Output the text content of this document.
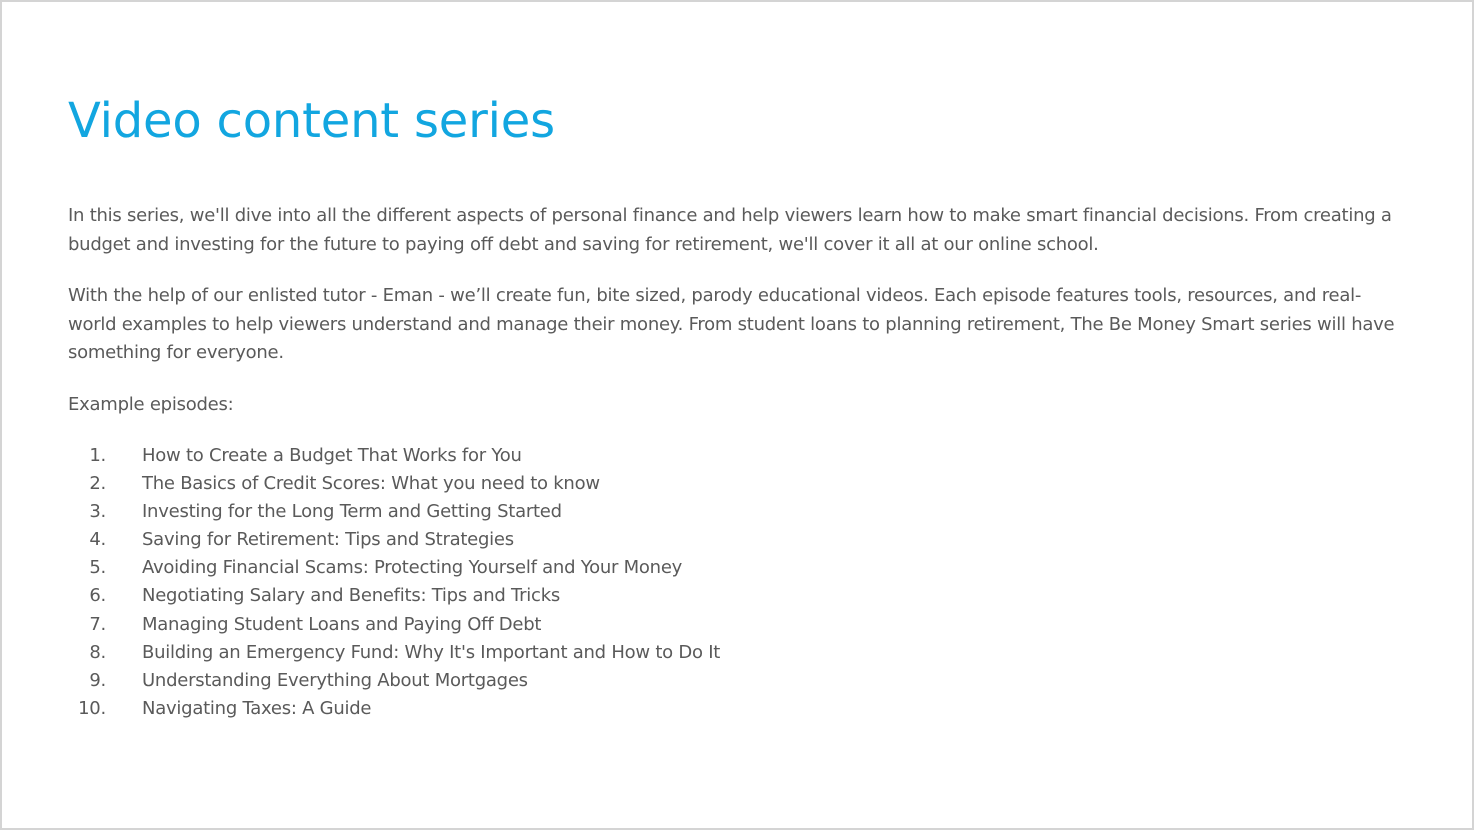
Video content series

In this series, we'll dive into all the different aspects of personal finance and help viewers learn how to make smart financial decisions. From creating a budget and investing for the future to paying off debt and saving for retirement, we'll cover it all at our online school.

With the help of our enlisted tutor - Eman - we’ll create fun, bite sized, parody educational videos. Each episode features tools, resources, and real-world examples to help viewers understand and manage their money. From student loans to planning retirement, The Be Money Smart series will have something for everyone.

Example episodes:

1. How to Create a Budget That Works for You
2. The Basics of Credit Scores: What you need to know
3. Investing for the Long Term and Getting Started
4. Saving for Retirement: Tips and Strategies
5. Avoiding Financial Scams: Protecting Yourself and Your Money
6. Negotiating Salary and Benefits: Tips and Tricks
7. Managing Student Loans and Paying Off Debt
8. Building an Emergency Fund: Why It's Important and How to Do It
9. Understanding Everything About Mortgages
10. Navigating Taxes: A Guide
